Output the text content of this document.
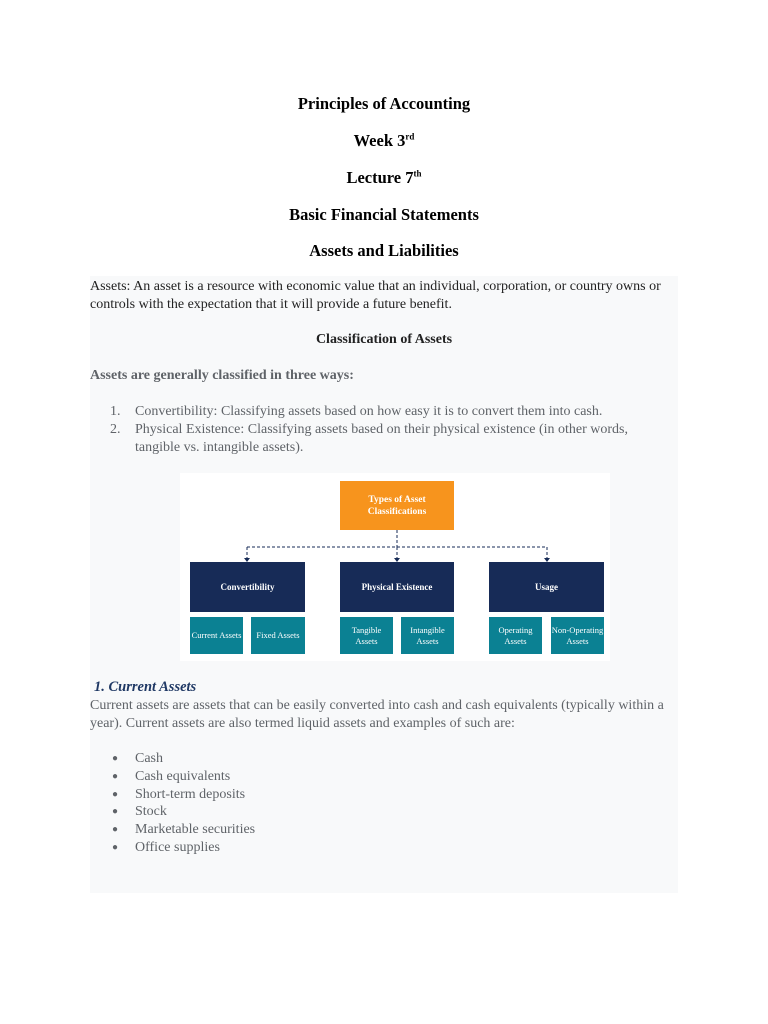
Principles of Accounting
Week 3rd
Lecture 7th
Basic Financial Statements
Assets and Liabilities
Assets: An asset is a resource with economic value that an individual, corporation, or country owns or controls with the expectation that it will provide a future benefit.
Classification of Assets
Assets are generally classified in three ways:
1. Convertibility: Classifying assets based on how easy it is to convert them into cash.
2. Physical Existence: Classifying assets based on their physical existence (in other words, tangible vs. intangible assets).
Types of Asset Classifications
Convertibility	Physical Existence	Usage
Current Assets	Fixed Assets
Tangible Assets
Intangible Assets
Operating Assets
Non-Operating Assets
1. Current Assets
Current assets are assets that can be easily converted into cash and cash equivalents (typically within a year). Current assets are also termed liquid assets and examples of such are:
● Cash
● Cash equivalents
● Short-term deposits
● Stock
● Marketable securities
● Office supplies
